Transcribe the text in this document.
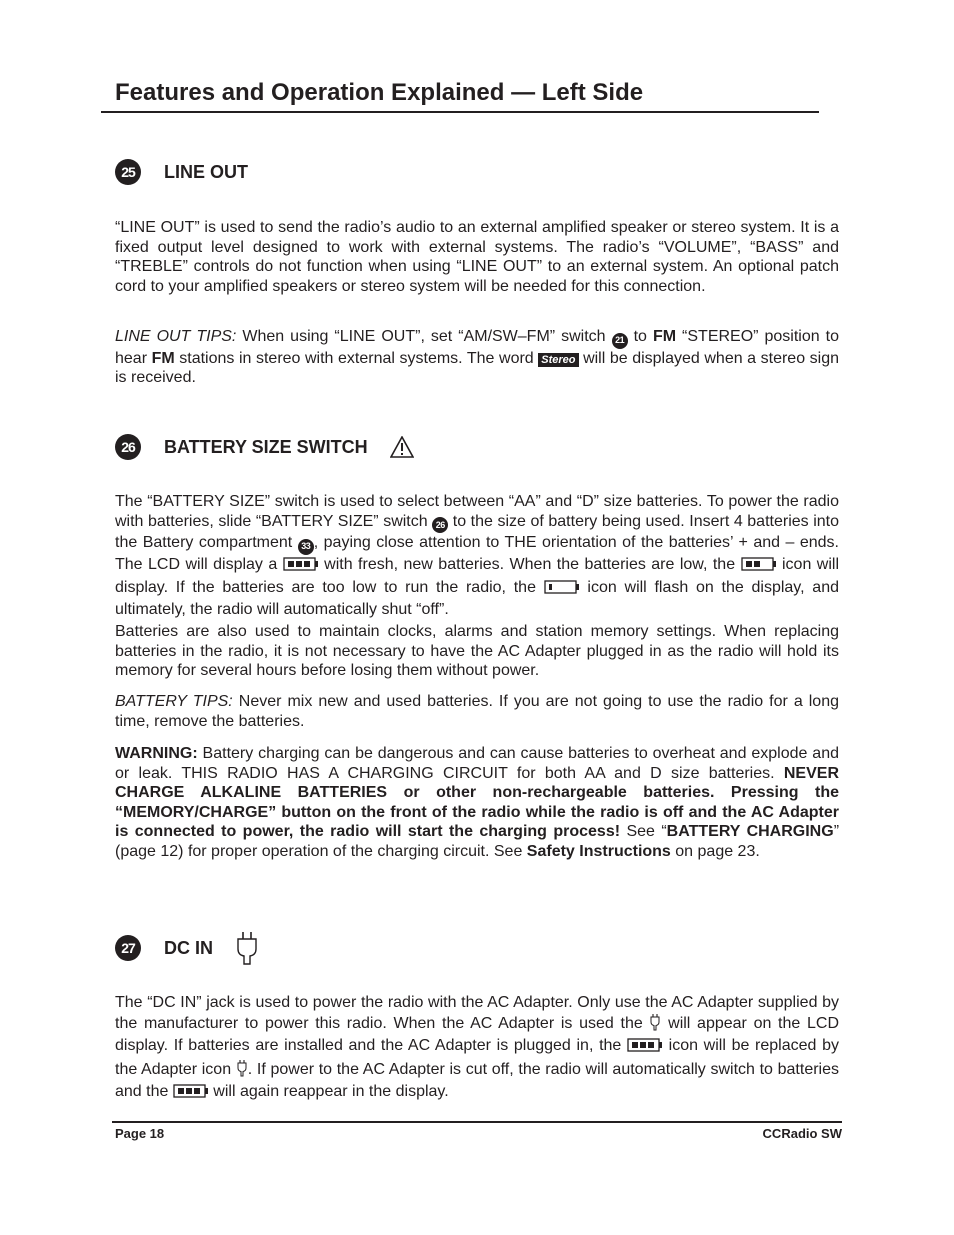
Features and Operation Explained — Left Side
25	LINE OUT

“LINE OUT” is used to send the radio’s audio to an external amplified speaker or stereo system. It is a fixed output level designed to work with external systems. The radio’s “VOLUME”, “BASS” and “TREBLE” controls do not function when using “LINE OUT” to an external system. An optional patch cord to your amplified speakers or stereo system will be needed for this connection.

LINE OUT TIPS: When using “LINE OUT”, set “AM/SW–FM” switch 21 to FM “STEREO” position to hear FM stations in stereo with external systems. The word Stereo will be displayed when a stereo sign is received.

26	BATTERY SIZE SWITCH

The “BATTERY SIZE” switch is used to select between “AA” and “D” size batteries. To power the radio with batteries, slide “BATTERY SIZE” switch 26 to the size of battery being used. Insert 4 batteries into the Battery compartment 33 , paying close attention to THE orientation of the batteries’ + and – ends. The LCD will display a  with fresh, new batteries. When the batteries are low, the  icon will display. If the batteries are too low to run the radio, the  icon will flash on the display, and ultimately, the radio will automatically shut “off”.

Batteries are also used to maintain clocks, alarms and station memory settings. When replacing batteries in the radio, it is not necessary to have the AC Adapter plugged in as the radio will hold its memory for several hours before losing them without power.

BATTERY TIPS: Never mix new and used batteries. If you are not going to use the radio for a long time, remove the batteries.

WARNING: Battery charging can be dangerous and can cause batteries to overheat and explode and or leak. THIS RADIO HAS A CHARGING CIRCUIT for both AA and D size batteries. NEVER CHARGE ALKALINE BATTERIES or other non-rechargeable batteries. Pressing the “MEMORY/CHARGE” button on the front of the radio while the radio is off and the AC Adapter is connected to power, the radio will start the charging process! See “BATTERY CHARGING” (page 12) for proper operation of the charging circuit. See Safety Instructions on page 23.

27	DC IN

The “DC IN” jack is used to power the radio with the AC Adapter. Only use the AC Adapter supplied by the manufacturer to power this radio. When the AC Adapter is used the  will appear on the LCD display. If batteries are installed and the AC Adapter is plugged in, the  icon will be replaced by the Adapter icon . If power to the AC Adapter is cut off, the radio will automatically switch to batteries and the  will again reappear in the display.

Page 18	CCRadio SW
